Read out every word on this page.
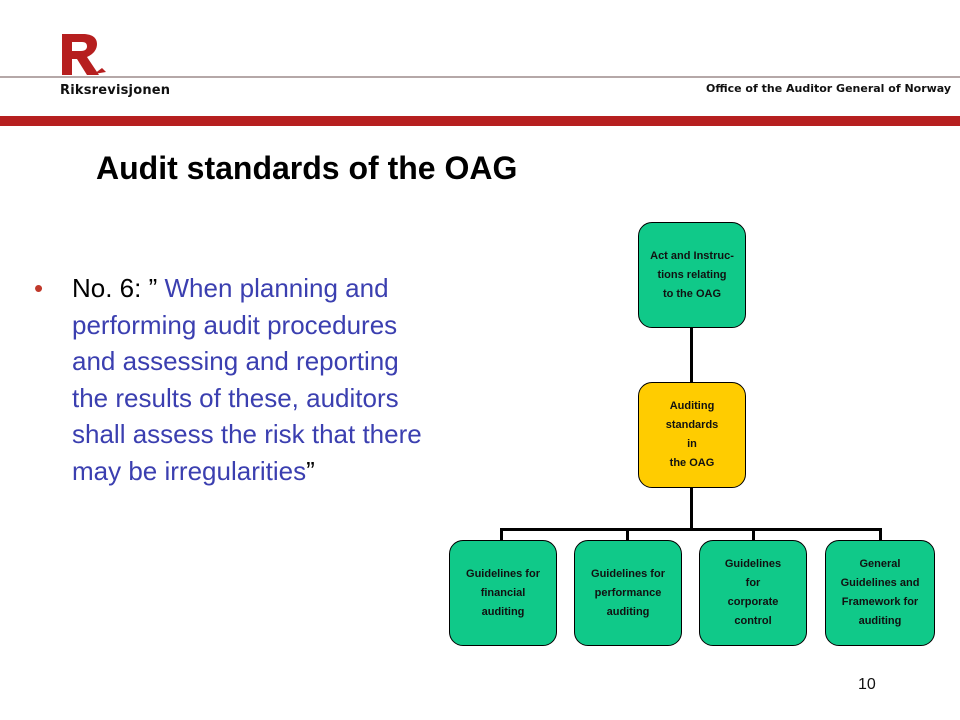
Riksrevisjonen	Office of the Auditor General of Norway
Audit standards of the OAG
• No. 6: ” When planning and performing audit procedures and assessing and reporting the results of these, auditors shall assess the risk that there may be irregularities”
Act and Instruc-
tions relating
to the OAG
Auditing
standards
in
the OAG
Guidelines for
financial
auditing
Guidelines for
performance
auditing
Guidelines
for
corporate
control
General
Guidelines and
Framework for
auditing
10
